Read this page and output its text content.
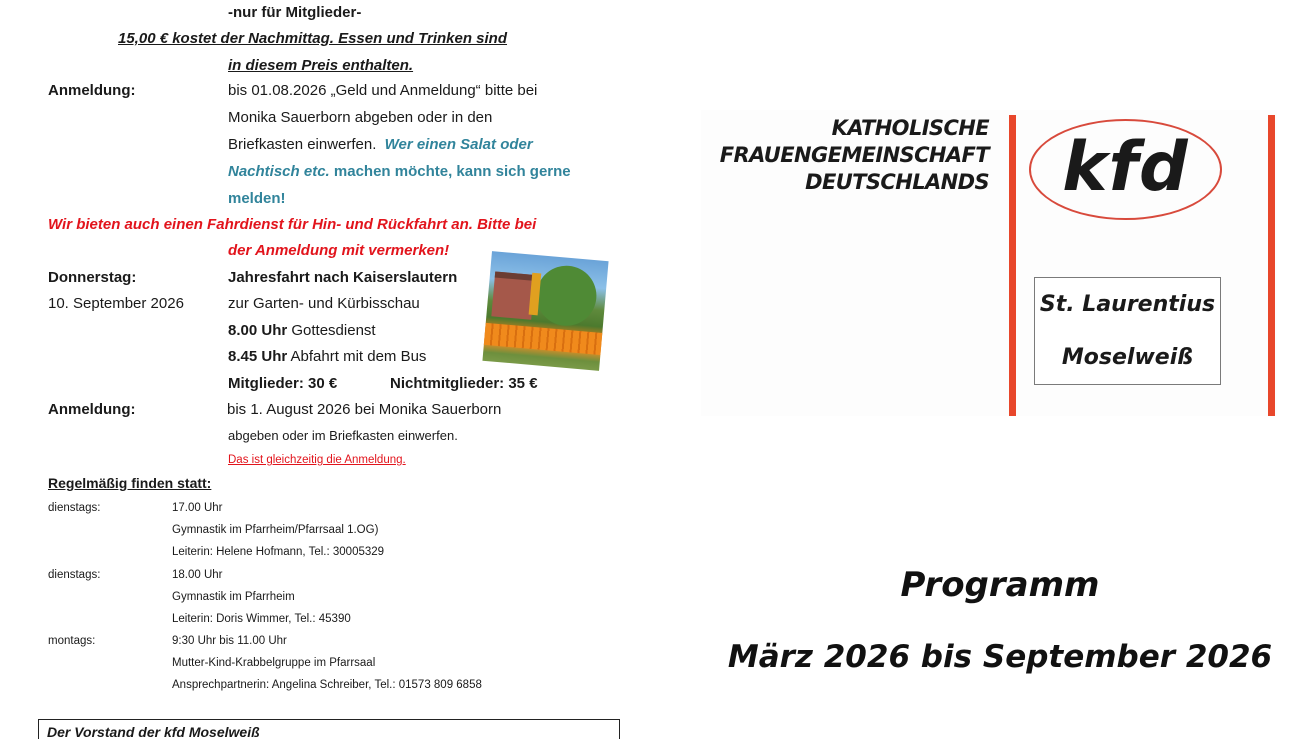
-nur für Mitglieder-
15,00 € kostet der Nachmittag. Essen und Trinken sind
in diesem Preis enthalten.
Anmeldung:	bis 01.08.2026 „Geld und Anmeldung“ bitte bei
Monika Sauerborn abgeben oder in den
Briefkasten einwerfen. Wer einen Salat oder
Nachtisch etc. machen möchte, kann sich gerne
melden!
Wir bieten auch einen Fahrdienst für Hin- und Rückfahrt an. Bitte bei
der Anmeldung mit vermerken!
Donnerstag:	Jahresfahrt nach Kaiserslautern
10. September 2026	zur Garten- und Kürbisschau
8.00 Uhr Gottesdienst
8.45 Uhr Abfahrt mit dem Bus
Mitglieder: 30 €	Nichtmitglieder: 35 €
Anmeldung:	bis 1. August 2026 bei Monika Sauerborn
abgeben oder im Briefkasten einwerfen.
Das ist gleichzeitig die Anmeldung.
Regelmäßig finden statt:
dienstags:	17.00 Uhr
Gymnastik im Pfarrheim/Pfarrsaal 1.OG)
Leiterin: Helene Hofmann, Tel.: 30005329
dienstags:	18.00 Uhr
Gymnastik im Pfarrheim
Leiterin: Doris Wimmer, Tel.: 45390
montags:	9:30 Uhr bis 11.00 Uhr
Mutter-Kind-Krabbelgruppe im Pfarrsaal
Ansprechpartnerin: Angelina Schreiber, Tel.: 01573 809 6858
Der Vorstand der kfd Moselweiß
KATHOLISCHE
FRAUENGEMEINSCHAFT
DEUTSCHLANDS kfd
St. Laurentius
Moselweiß
Programm
März 2026 bis September 2026
